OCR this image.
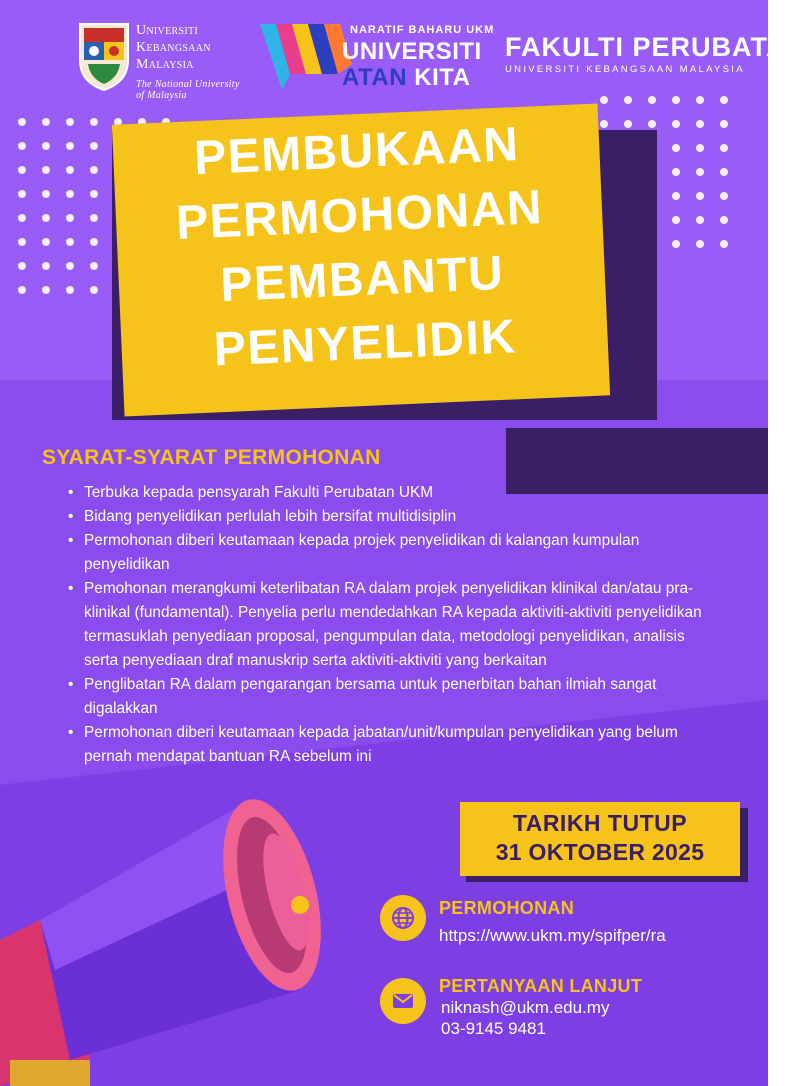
Universiti
Kebangsaan
Malaysia
The National University of Malaysia
NARATIF BAHARU UKM
UNIVERSITI
ATAN KITA
FAKULTI PERUBATAN
UNIVERSITI KEBANGSAAN MALAYSIA
PEMBUKAAN
PERMOHONAN
PEMBANTU
PENYELIDIK
SYARAT-SYARAT PERMOHONAN
• Terbuka kepada pensyarah Fakulti Perubatan UKM
• Bidang penyelidikan perlulah lebih bersifat multidisiplin
• Permohonan diberi keutamaan kepada projek penyelidikan di kalangan kumpulan penyelidikan
• Pemohonan merangkumi keterlibatan RA dalam projek penyelidikan klinikal dan/atau pra-klinikal (fundamental). Penyelia perlu mendedahkan RA kepada aktiviti-aktiviti penyelidikan termasuklah penyediaan proposal, pengumpulan data, metodologi penyelidikan, analisis serta penyediaan draf manuskrip serta aktiviti-aktiviti yang berkaitan
• Penglibatan RA dalam pengarangan bersama untuk penerbitan bahan ilmiah sangat digalakkan
• Permohonan diberi keutamaan kepada jabatan/unit/kumpulan penyelidikan yang belum pernah mendapat bantuan RA sebelum ini
TARIKH TUTUP
31 OKTOBER 2025
PERMOHONAN
https://www.ukm.my/spifper/ra
PERTANYAAN LANJUT
niknash@ukm.edu.my
03-9145 9481
